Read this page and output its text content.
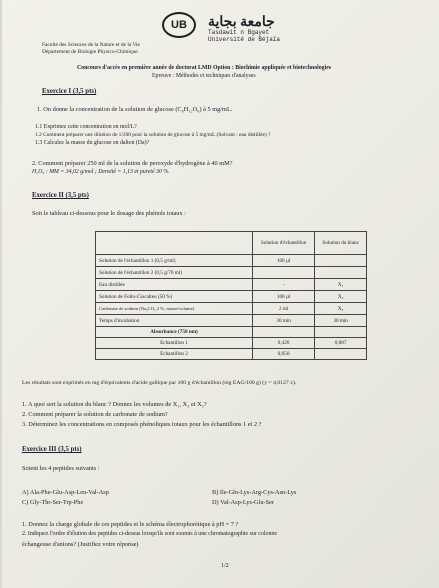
UB جامعة بجاية
Tasdawit n Bgayet
Université de Béjaïa
Faculté des Sciences de la Nature et de la Vie
Département de Biologie Physico-Chimique
Concours d'accès en première année de doctorat LMD Option : Biochimie appliquée et biotechnologies
Epreuve : Méthodes et techniques d'analyses
Exercice I (3,5 pts)
1. On donne la concentration de la solution de glucose (C₆H₁₂O₆) à 5 mg/mL.
1.1 Exprimez cette concentration en mol/L?
1.2 Comment préparer une dilution de 1/200 pour la solution de glucose à 5 mg/mL (Solvant : eau distillée) ?
1.3 Calculez la masse du glucose en dalton (Da)?
2. Comment préparer 250 ml de la solution de peroxyde d'hydrogène à 40 mM?
H₂O₂ : MM = 34,02 g/mol ; Densité = 1,13 et pureté 30 %.
Exercice II (3,5 pts)
Soit le tableau ci-dessous pour le dosage des phénols totaux :
	Solution d'échantillon	Solution du blanc
Solution de l'échantillon 1 (0,5 g/ml)	100 µl	
Solution de l'échantillon 2 (0,5 g/70 ml)		
Eau distillée	-	X₁
Solution de Folin-Ciocalteu (50 %)	100 µl	X₂
Carbonate de sodium (Na₂CO₃ 2 %, masse/volume)	2 ml	X₃
Temps d'incubation	30 min	30 min
Absorbance (750 nm)		
Echantillon 1	0,420	0,087
Echantillon 2	0,650	
Les résultats sont exprimés en mg d'équivalents d'acide gallique par 100 g d'échantillon (mg EAG/100 g) (y = 4,0127 x).
1. A quoi sert la solution du blanc ? Donnez les volumes de X₁, X₂ et X₃?
2. Comment préparer la solution de carbonate de sodium?
3. Déterminez les concentrations en composés phénoliques totaux pour les échantillons 1 et 2 ?
Exercice III (3,5 pts)
Soient les 4 peptides suivants :
A) Ala-Phe-Glu-Asp-Leu-Val-Asp	B) Ile-Gln-Lys-Arg-Cys-Asn-Lys
C) Gly-Thr-Ser-Trp-Phe	D) Val-Asp-Lys-Glu-Ser
1. Donnez la charge globale de ces peptides et le schéma électrophorétique à pH = 7 ?
2. Indiquez l'ordre d'élution des peptides ci-dessus lorsqu'ils sont soumis à une chromatographie sur colonne
échangeuse d'anions? (Justifiez votre réponse)
1/2
